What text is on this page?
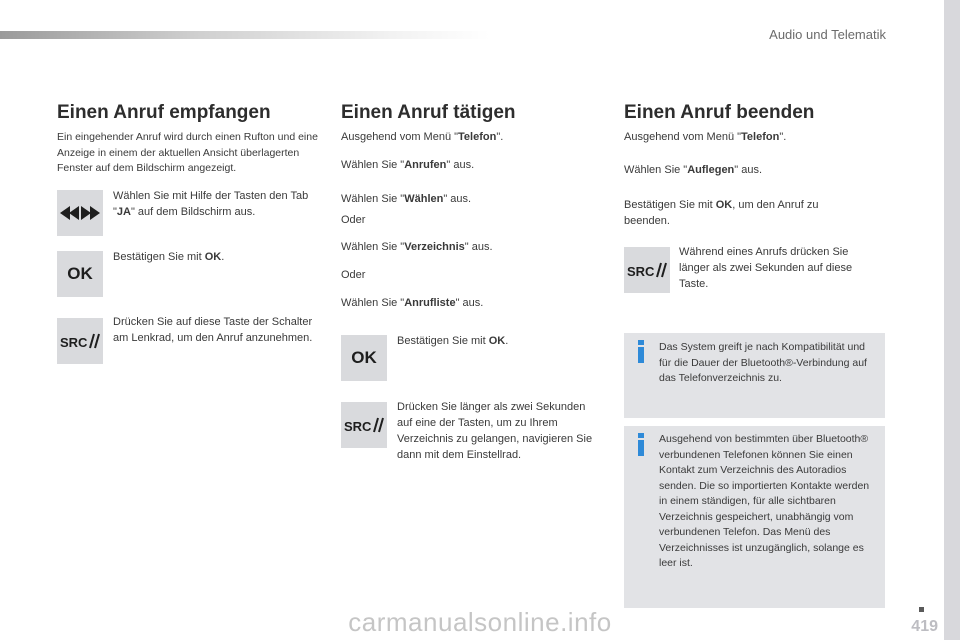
Audio und Telematik
Einen Anruf empfangen

Ein eingehender Anruf wird durch einen Rufton und eine Anzeige in einem der aktuellen Ansicht überlagerten Fenster auf dem Bildschirm angezeigt.

Wählen Sie mit Hilfe der Tasten den Tab "JA" auf dem Bildschirm aus.

OK

Bestätigen Sie mit OK.

SRC

Drücken Sie auf diese Taste der Schalter am Lenkrad, um den Anruf anzunehmen.

Einen Anruf tätigen

Ausgehend vom Menü "Telefon".

Wählen Sie "Anrufen" aus.

Wählen Sie "Wählen" aus.

Oder

Wählen Sie "Verzeichnis" aus.

Oder

Wählen Sie "Anrufliste" aus.

OK

Bestätigen Sie mit OK.

SRC

Drücken Sie länger als zwei Sekunden auf eine der Tasten, um zu Ihrem Verzeichnis zu gelangen, navigieren Sie dann mit dem Einstellrad.

Einen Anruf beenden

Ausgehend vom Menü "Telefon".

Wählen Sie "Auflegen" aus.

Bestätigen Sie mit OK, um den Anruf zu beenden.

SRC

Während eines Anrufs drücken Sie länger als zwei Sekunden auf diese Taste.

Das System greift je nach Kompatibilität und für die Dauer der Bluetooth®-Verbindung auf das Telefonverzeichnis zu.

Ausgehend von bestimmten über Bluetooth® verbundenen Telefonen können Sie einen Kontakt zum Verzeichnis des Autoradios senden. Die so importierten Kontakte werden in einem ständigen, für alle sichtbaren Verzeichnis gespeichert, unabhängig vom verbundenen Telefon. Das Menü des Verzeichnisses ist unzugänglich, solange es leer ist.

419
carmanualsonline.info
